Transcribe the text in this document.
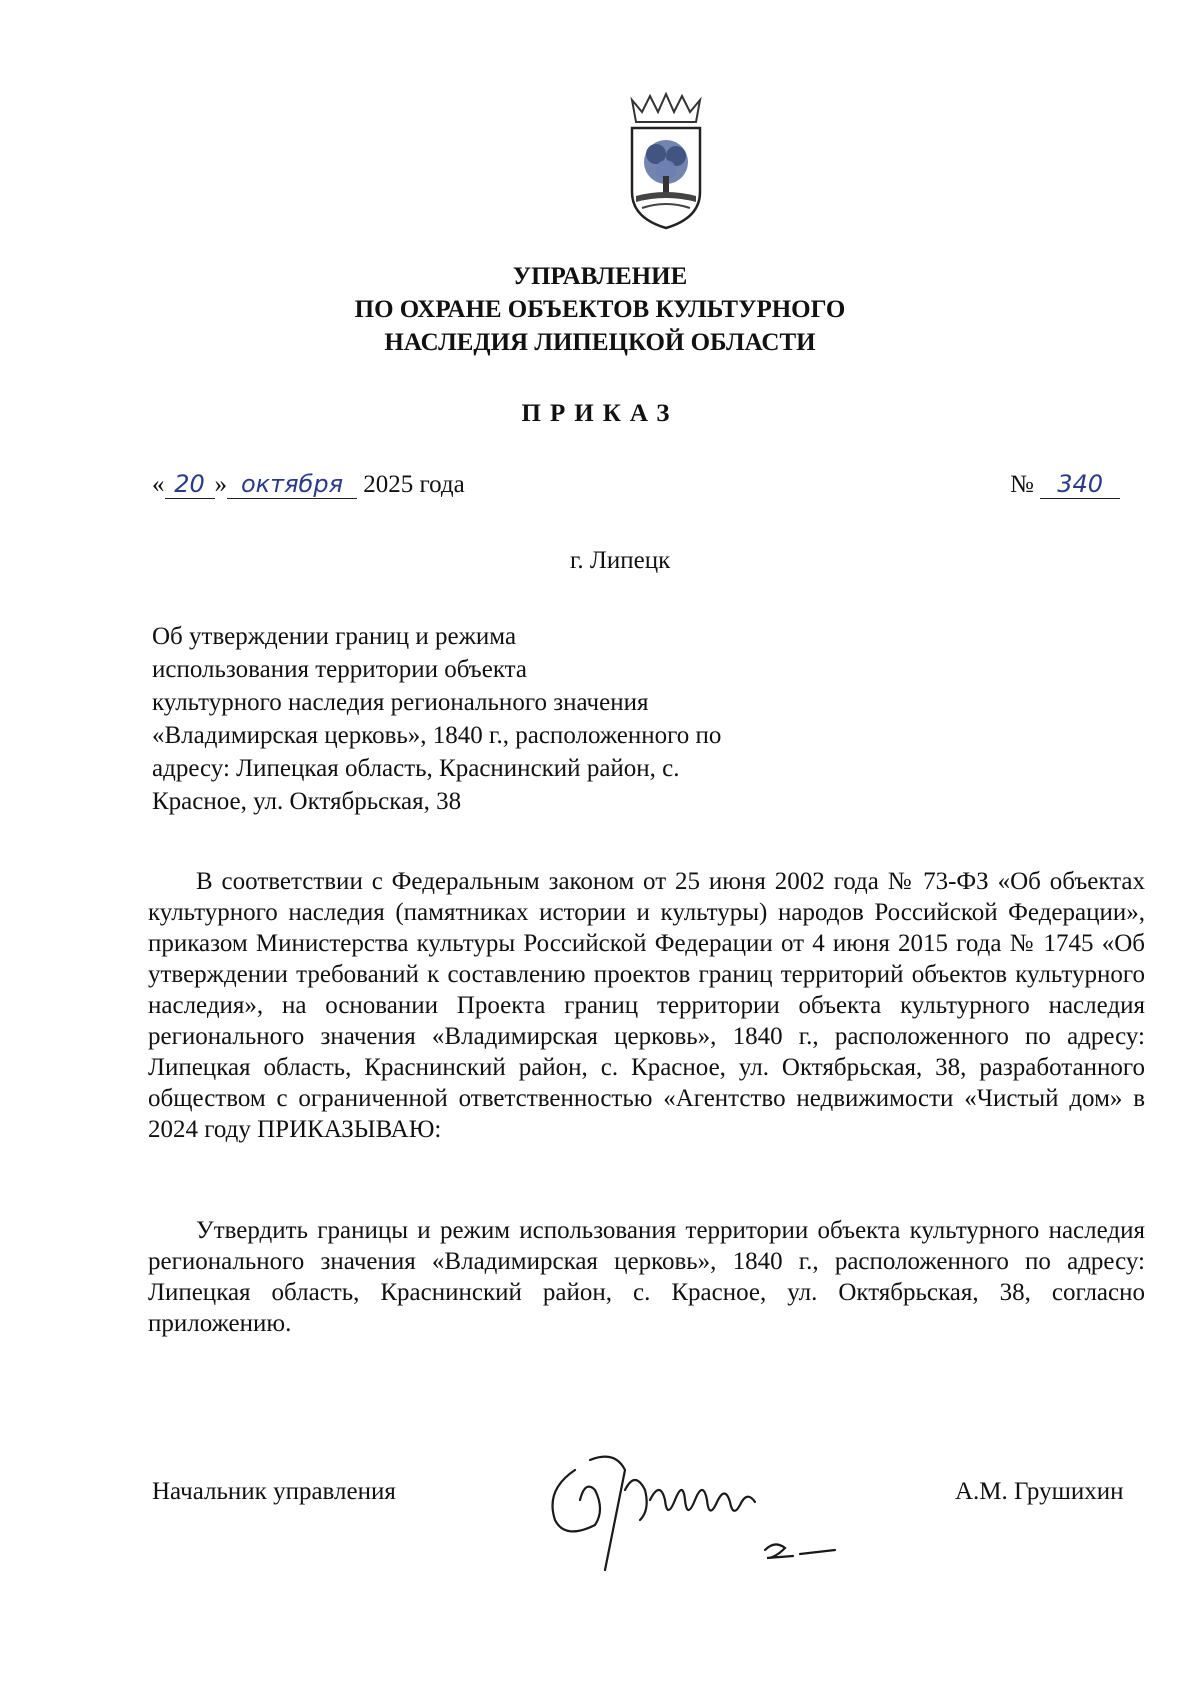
УПРАВЛЕНИЕ
ПО ОХРАНЕ ОБЪЕКТОВ КУЛЬТУРНОГО
НАСЛЕДИЯ ЛИПЕЦКОЙ ОБЛАСТИ
ПРИКАЗ
« 20 » октября 2025 года	№ 340
г. Липецк
Об утверждении границ и режима
использования территории объекта
культурного наследия регионального значения
«Владимирская церковь», 1840 г., расположенного по
адресу: Липецкая область, Краснинский район, с.
Красное, ул. Октябрьская, 38
В соответствии с Федеральным законом от 25 июня 2002 года № 73-ФЗ «Об объектах культурного наследия (памятниках истории и культуры) народов Российской Федерации», приказом Министерства культуры Российской Федерации от 4 июня 2015 года № 1745 «Об утверждении требований к составлению проектов границ территорий объектов культурного наследия», на основании Проекта границ территории объекта культурного наследия регионального значения «Владимирская церковь», 1840 г., расположенного по адресу: Липецкая область, Краснинский район, с. Красное, ул. Октябрьская, 38, разработанного обществом с ограниченной ответственностью «Агентство недвижимости «Чистый дом» в 2024 году ПРИКАЗЫВАЮ:
Утвердить границы и режим использования территории объекта культурного наследия регионального значения «Владимирская церковь», 1840 г., расположенного по адресу: Липецкая область, Краснинский район, с. Красное, ул. Октябрьская, 38, согласно приложению.
Начальник управления	А.М. Грушихин
